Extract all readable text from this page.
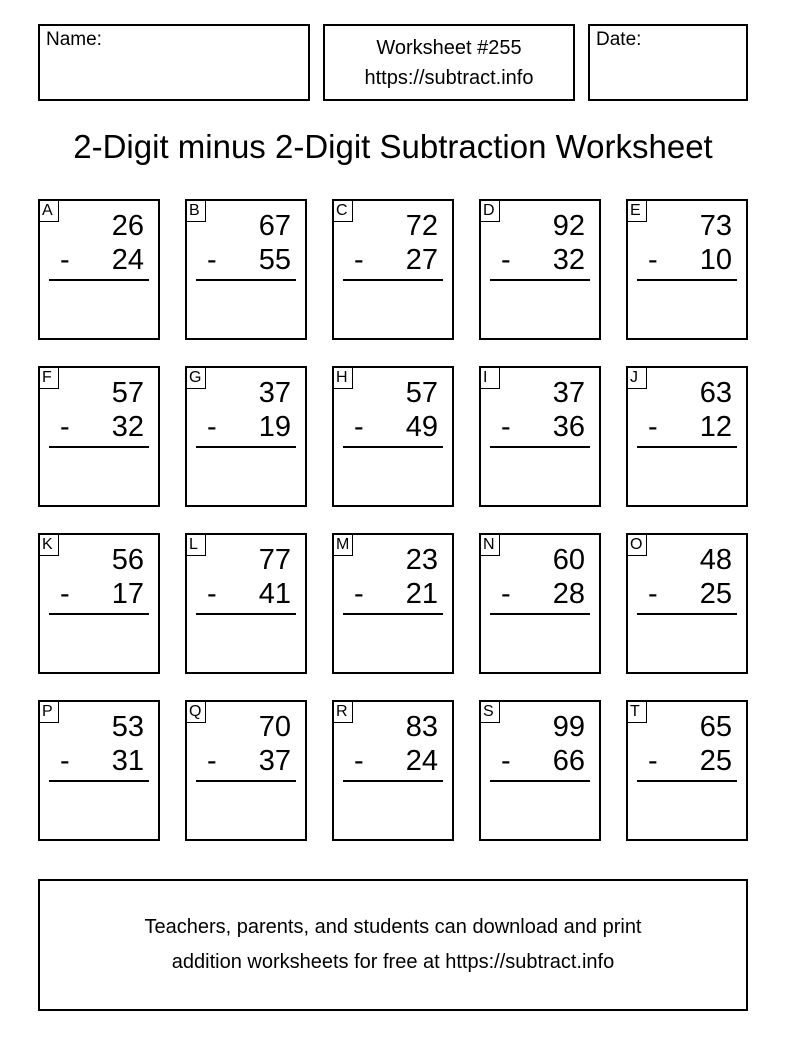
Name:	Worksheet #255
https://subtract.info
Date:
2-Digit minus 2-Digit Subtraction Worksheet
A 26
- 24
B 67
- 55
C 72
- 27
D 92
- 32
E 73
- 10
F 57
- 32
G 37
- 19
H 57
- 49
I	37
- 36
J	63
- 12
K 56
- 17
L 77
- 41
M 23
- 21
N 60
- 28
O 48
- 25
P 53
- 31
Q 70
- 37
R 83
- 24
S 99
- 66
T 65
- 25
Teachers, parents, and students can download and print
addition worksheets for free at https://subtract.info
